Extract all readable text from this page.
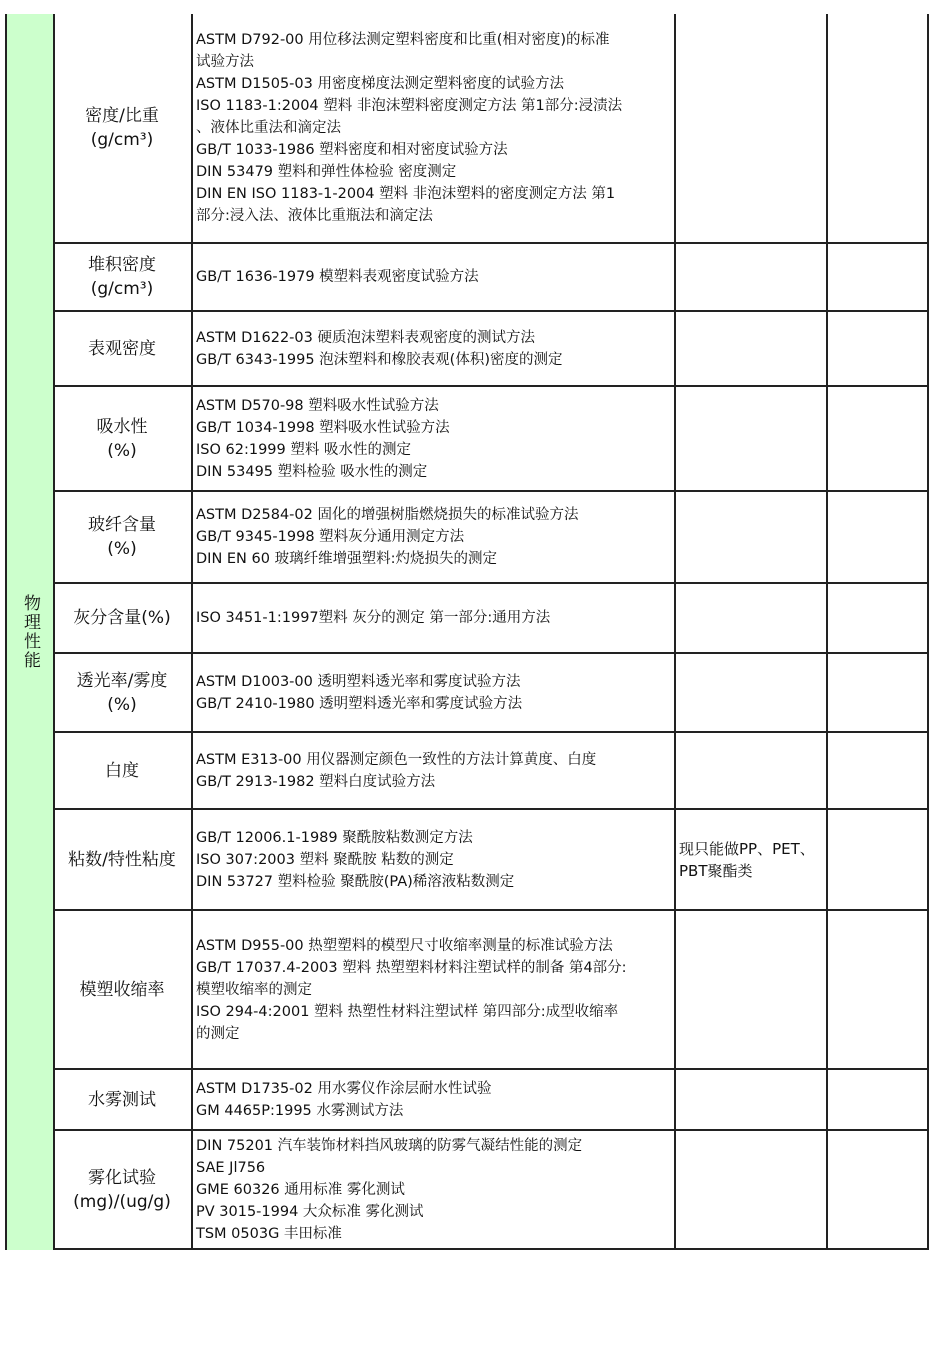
物理性能
密度/比重
(g/cm³)
ASTM D792-00 用位移法测定塑料密度和比重(相对密度)的标准
试验方法
ASTM D1505-03 用密度梯度法测定塑料密度的试验方法
ISO 1183-1:2004 塑料 非泡沫塑料密度测定方法 第1部分:浸渍法
、液体比重法和滴定法
GB/T 1033-1986 塑料密度和相对密度试验方法
DIN 53479 塑料和弹性体检验 密度测定
DIN EN ISO 1183-1-2004 塑料 非泡沫塑料的密度测定方法 第1
部分:浸入法、液体比重瓶法和滴定法
堆积密度
(g/cm³)
GB/T 1636-1979 模塑料表观密度试验方法
表观密度
ASTM D1622-03 硬质泡沫塑料表观密度的测试方法
GB/T 6343-1995 泡沫塑料和橡胶表观(体积)密度的测定
吸水性
(%)
ASTM D570-98 塑料吸水性试验方法
GB/T 1034-1998 塑料吸水性试验方法
ISO 62:1999 塑料 吸水性的测定
DIN 53495 塑料检验 吸水性的测定
玻纤含量
(%)
ASTM D2584-02 固化的增强树脂燃烧损失的标准试验方法
GB/T 9345-1998 塑料灰分通用测定方法
DIN EN 60 玻璃纤维增强塑料:灼烧损失的测定
灰分含量(%) ISO 3451-1:1997塑料 灰分的测定 第一部分:通用方法
透光率/雾度
(%)
ASTM D1003-00 透明塑料透光率和雾度试验方法
GB/T 2410-1980 透明塑料透光率和雾度试验方法
白度
ASTM E313-00 用仪器测定颜色一致性的方法计算黄度、白度
GB/T 2913-1982 塑料白度试验方法
粘数/特性粘度
GB/T 12006.1-1989 聚酰胺粘数测定方法
ISO 307:2003 塑料 聚酰胺 粘数的测定
DIN 53727 塑料检验 聚酰胺(PA)稀溶液粘数测定
现只能做PP、PET、PBT聚酯类
模塑收缩率
ASTM D955-00 热塑塑料的模型尺寸收缩率测量的标准试验方法
GB/T 17037.4-2003 塑料 热塑塑料材料注塑试样的制备 第4部分:
模塑收缩率的测定
ISO 294-4:2001 塑料 热塑性材料注塑试样 第四部分:成型收缩率
的测定
水雾测试
ASTM D1735-02 用水雾仪作涂层耐水性试验
GM 4465P:1995 水雾测试方法
雾化试验
(mg)/(ug/g)
DIN 75201 汽车装饰材料挡风玻璃的防雾气凝结性能的测定
SAE Jl756
GME 60326 通用标准 雾化测试
PV 3015-1994 大众标准 雾化测试
TSM 0503G 丰田标准
